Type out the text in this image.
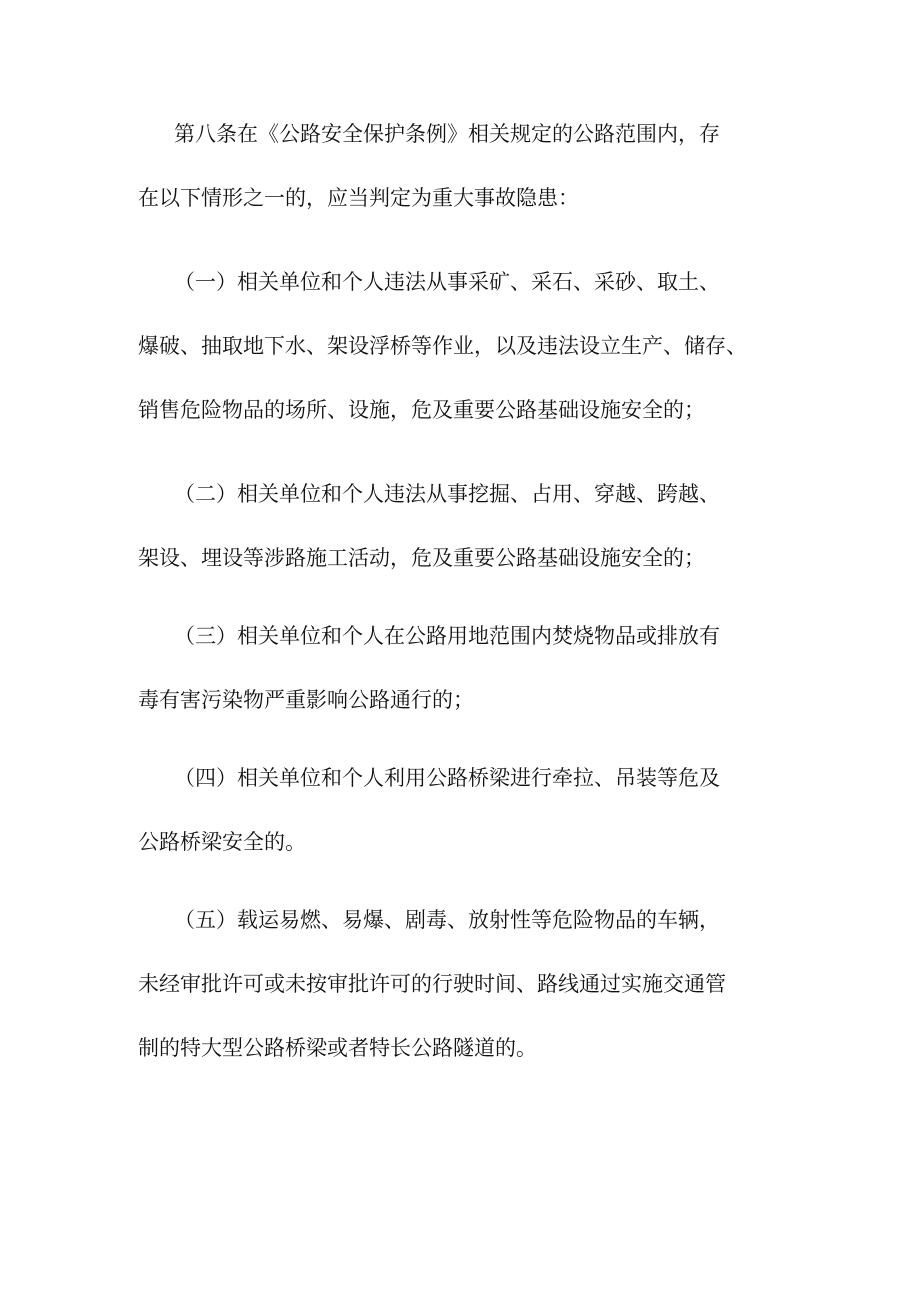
第八条在《公路安全保护条例》相关规定的公路范围内，存
在以下情形之一的，应当判定为重大事故隐患：
（一）相关单位和个人违法从事采矿、采石、采砂、取土、
爆破、抽取地下水、架设浮桥等作业，以及违法设立生产、储存、
销售危险物品的场所、设施，危及重要公路基础设施安全的；
（二）相关单位和个人违法从事挖掘、占用、穿越、跨越、
架设、埋设等涉路施工活动，危及重要公路基础设施安全的；
（三）相关单位和个人在公路用地范围内焚烧物品或排放有
毒有害污染物严重影响公路通行的；
（四）相关单位和个人利用公路桥梁进行牵拉、吊装等危及
公路桥梁安全的。
（五）载运易燃、易爆、剧毒、放射性等危险物品的车辆，
未经审批许可或未按审批许可的行驶时间、路线通过实施交通管
制的特大型公路桥梁或者特长公路隧道的。
